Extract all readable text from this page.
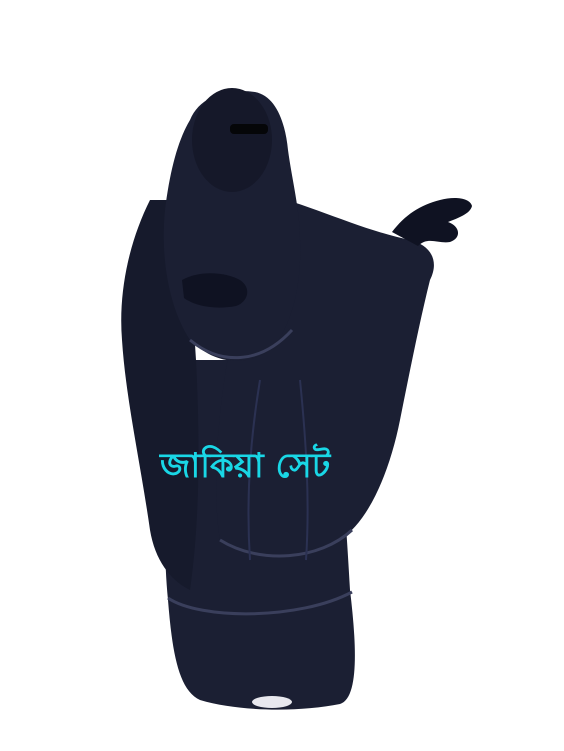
জাকিয়া সেট
